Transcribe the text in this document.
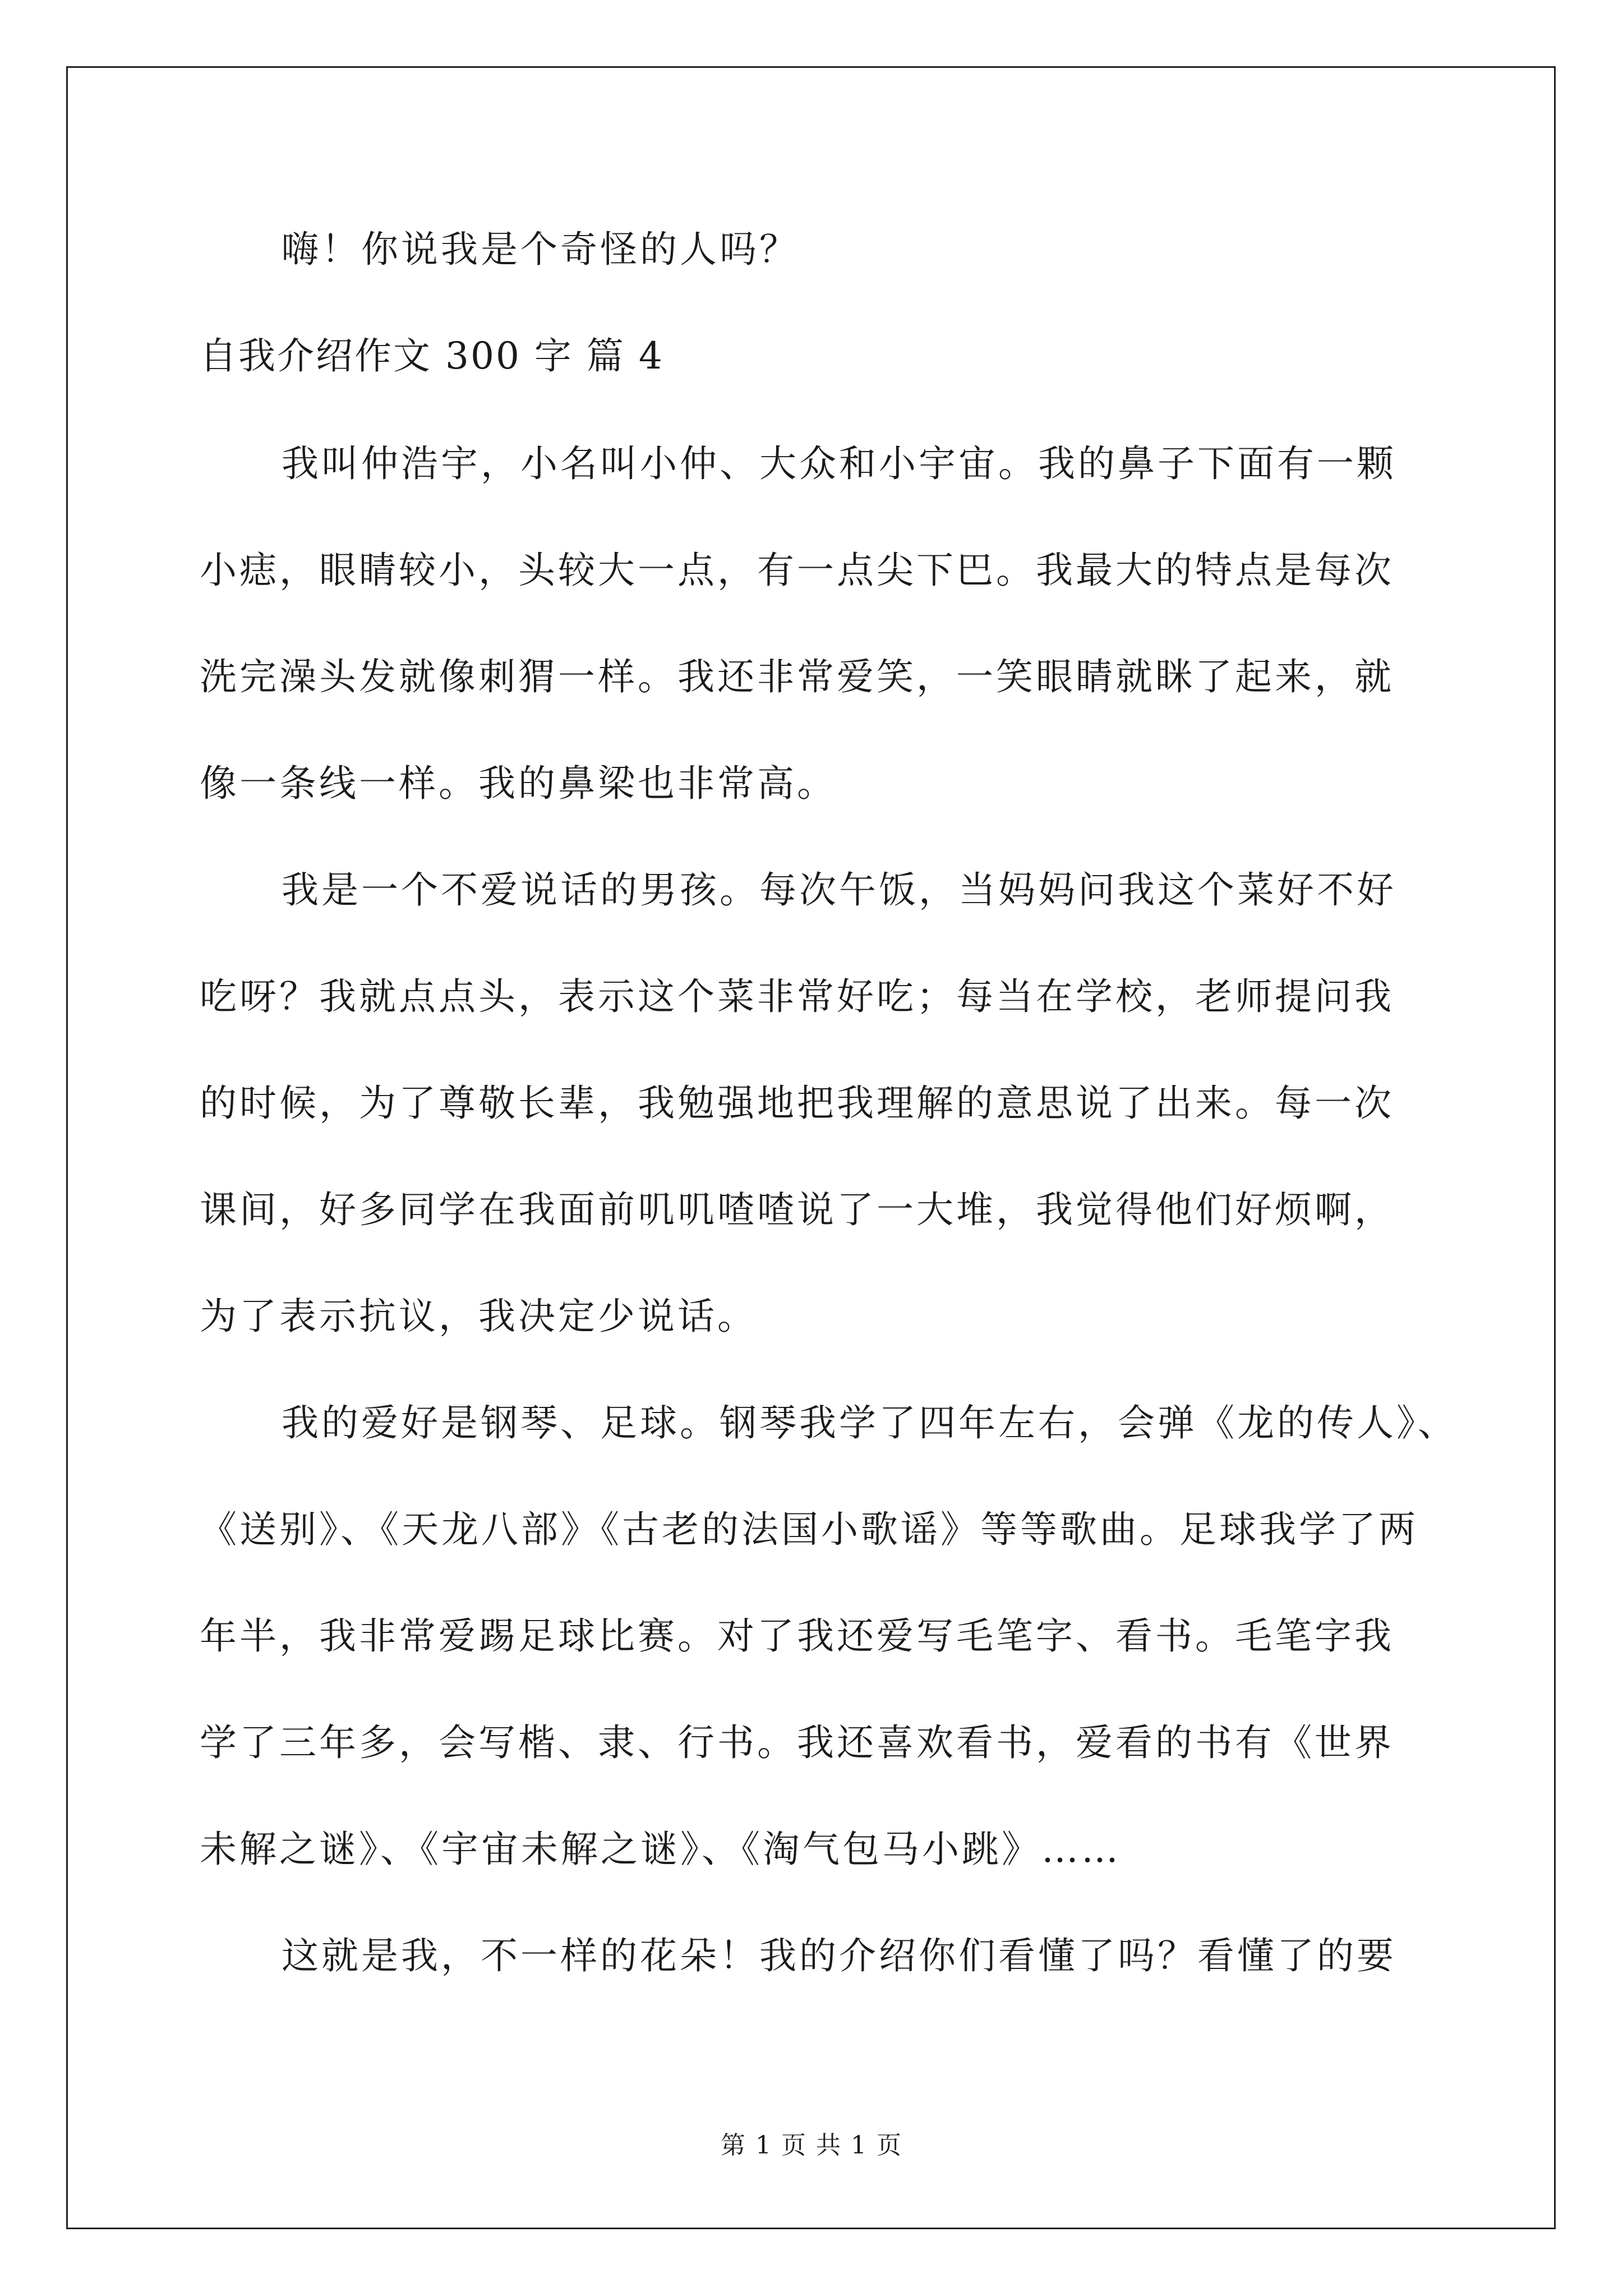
嗨！你说我是个奇怪的人吗？
自我介绍作文 300 字 篇 4
我叫仲浩宇，小名叫小仲、大众和小宇宙。我的鼻子下面有一颗
小痣，眼睛较小，头较大一点，有一点尖下巴。我最大的特点是每次
洗完澡头发就像刺猬一样。我还非常爱笑，一笑眼睛就眯了起来，就
像一条线一样。我的鼻梁也非常高。
我是一个不爱说话的男孩。每次午饭，当妈妈问我这个菜好不好
吃呀？我就点点头，表示这个菜非常好吃；每当在学校，老师提问我
的时候，为了尊敬长辈，我勉强地把我理解的意思说了出来。每一次
课间，好多同学在我面前叽叽喳喳说了一大堆，我觉得他们好烦啊，
为了表示抗议，我决定少说话。
我的爱好是钢琴、足球。钢琴我学了四年左右，会弹《龙的传人》、
《送别》、《天龙八部》《古老的法国小歌谣》等等歌曲。足球我学了两
年半，我非常爱踢足球比赛。对了我还爱写毛笔字、看书。毛笔字我
学了三年多，会写楷、隶、行书。我还喜欢看书，爱看的书有《世界
未解之谜》、《宇宙未解之谜》、《淘气包马小跳》……
这就是我，不一样的花朵！我的介绍你们看懂了吗？看懂了的要
第 1 页 共 1 页
